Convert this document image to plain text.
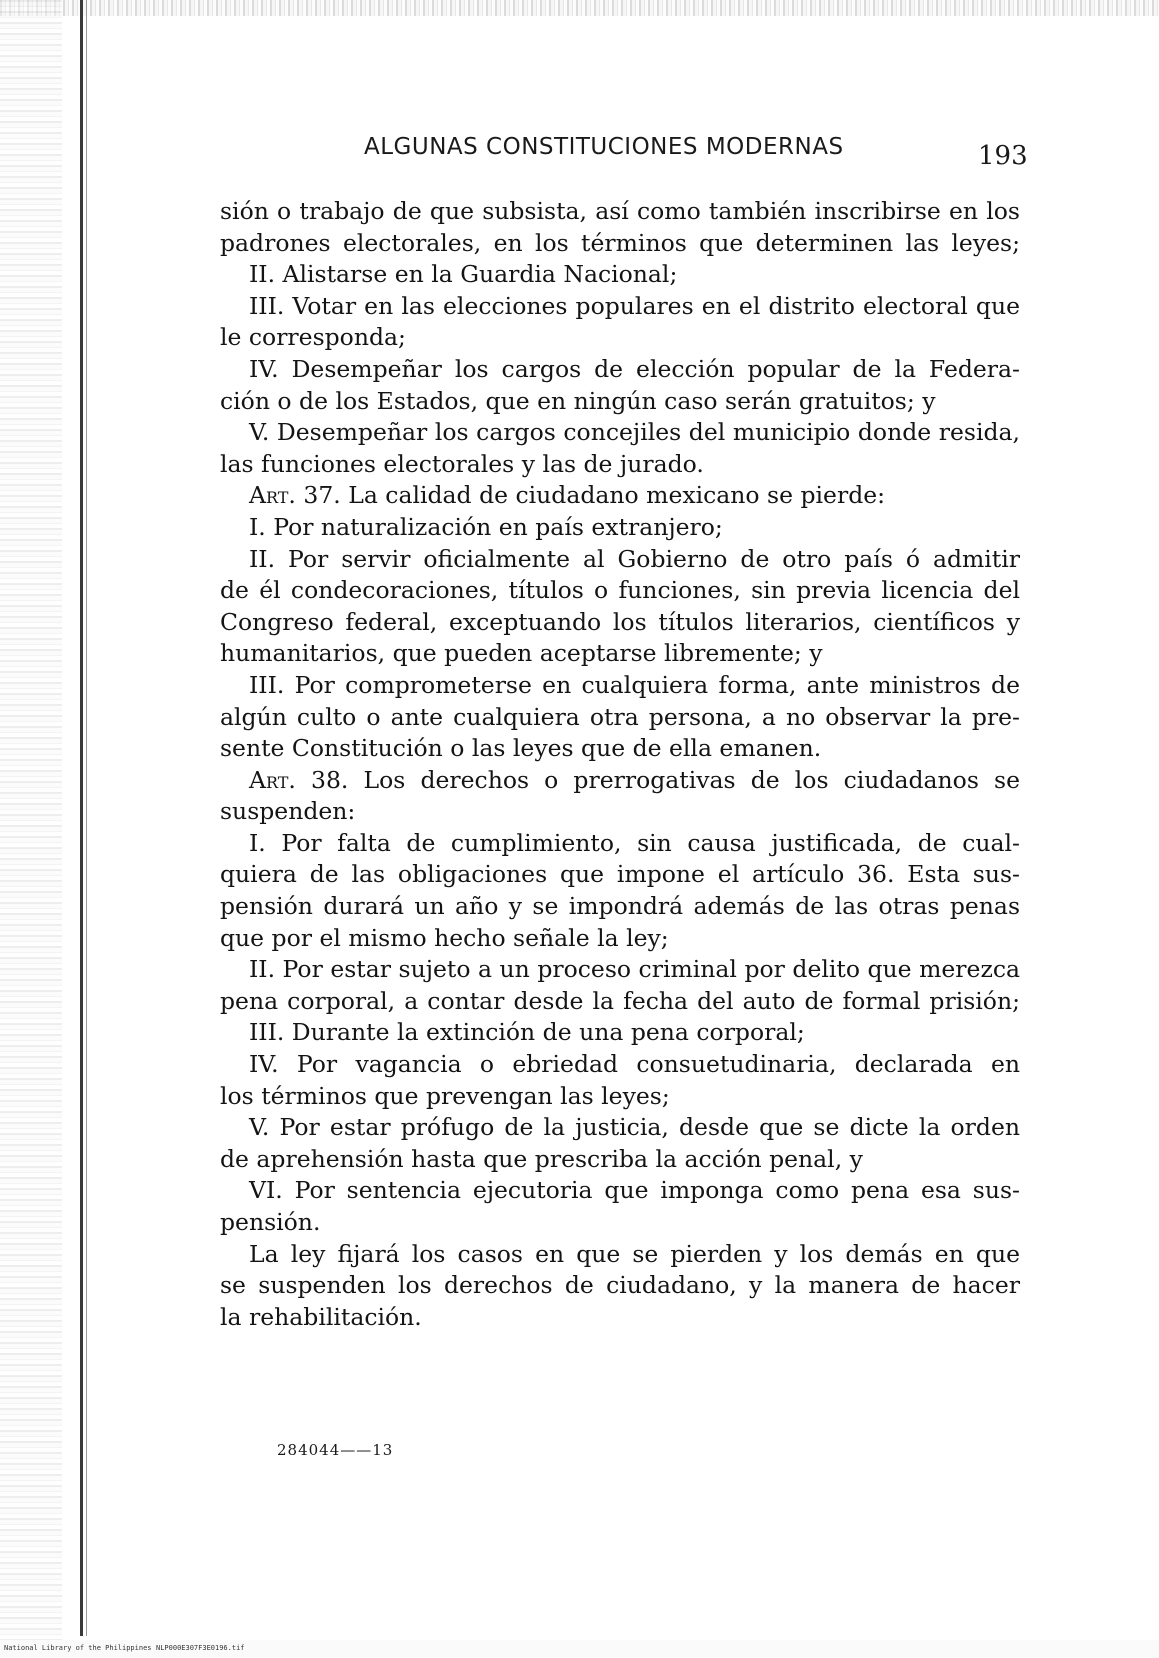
ALGUNAS CONSTITUCIONES MODERNAS	193
sión o trabajo de que subsista, así como también inscribirse en los
padrones electorales, en los términos que determinen las leyes;
II. Alistarse en la Guardia Nacional;
III. Votar en las elecciones populares en el distrito electoral que
le corresponda;
IV. Desempeñar los cargos de elección popular de la Federa-
ción o de los Estados, que en ningún caso serán gratuitos; y
V. Desempeñar los cargos concejiles del municipio donde resida,
las funciones electorales y las de jurado.
Art. 37. La calidad de ciudadano mexicano se pierde:
I. Por naturalización en país extranjero;
II. Por servir oficialmente al Gobierno de otro país ó admitir
de él condecoraciones, títulos o funciones, sin previa licencia del
Congreso federal, exceptuando los títulos literarios, científicos y
humanitarios, que pueden aceptarse libremente; y
III. Por comprometerse en cualquiera forma, ante ministros de
algún culto o ante cualquiera otra persona, a no observar la pre-
sente Constitución o las leyes que de ella emanen.
Art. 38. Los derechos o prerrogativas de los ciudadanos se
suspenden:
I. Por falta de cumplimiento, sin causa justificada, de cual-
quiera de las obligaciones que impone el artículo 36. Esta sus-
pensión durará un año y se impondrá además de las otras penas
que por el mismo hecho señale la ley;
II. Por estar sujeto a un proceso criminal por delito que merezca
pena corporal, a contar desde la fecha del auto de formal prisión;
III. Durante la extinción de una pena corporal;
IV. Por vagancia o ebriedad consuetudinaria, declarada en
los términos que prevengan las leyes;
V. Por estar prófugo de la justicia, desde que se dicte la orden
de aprehensión hasta que prescriba la acción penal, y
VI. Por sentencia ejecutoria que imponga como pena esa sus-
pensión.
La ley fijará los casos en que se pierden y los demás en que
se suspenden los derechos de ciudadano, y la manera de hacer
la rehabilitación.
284044——13
National Library of the Philippines NLP000E307F3E0196.tif
